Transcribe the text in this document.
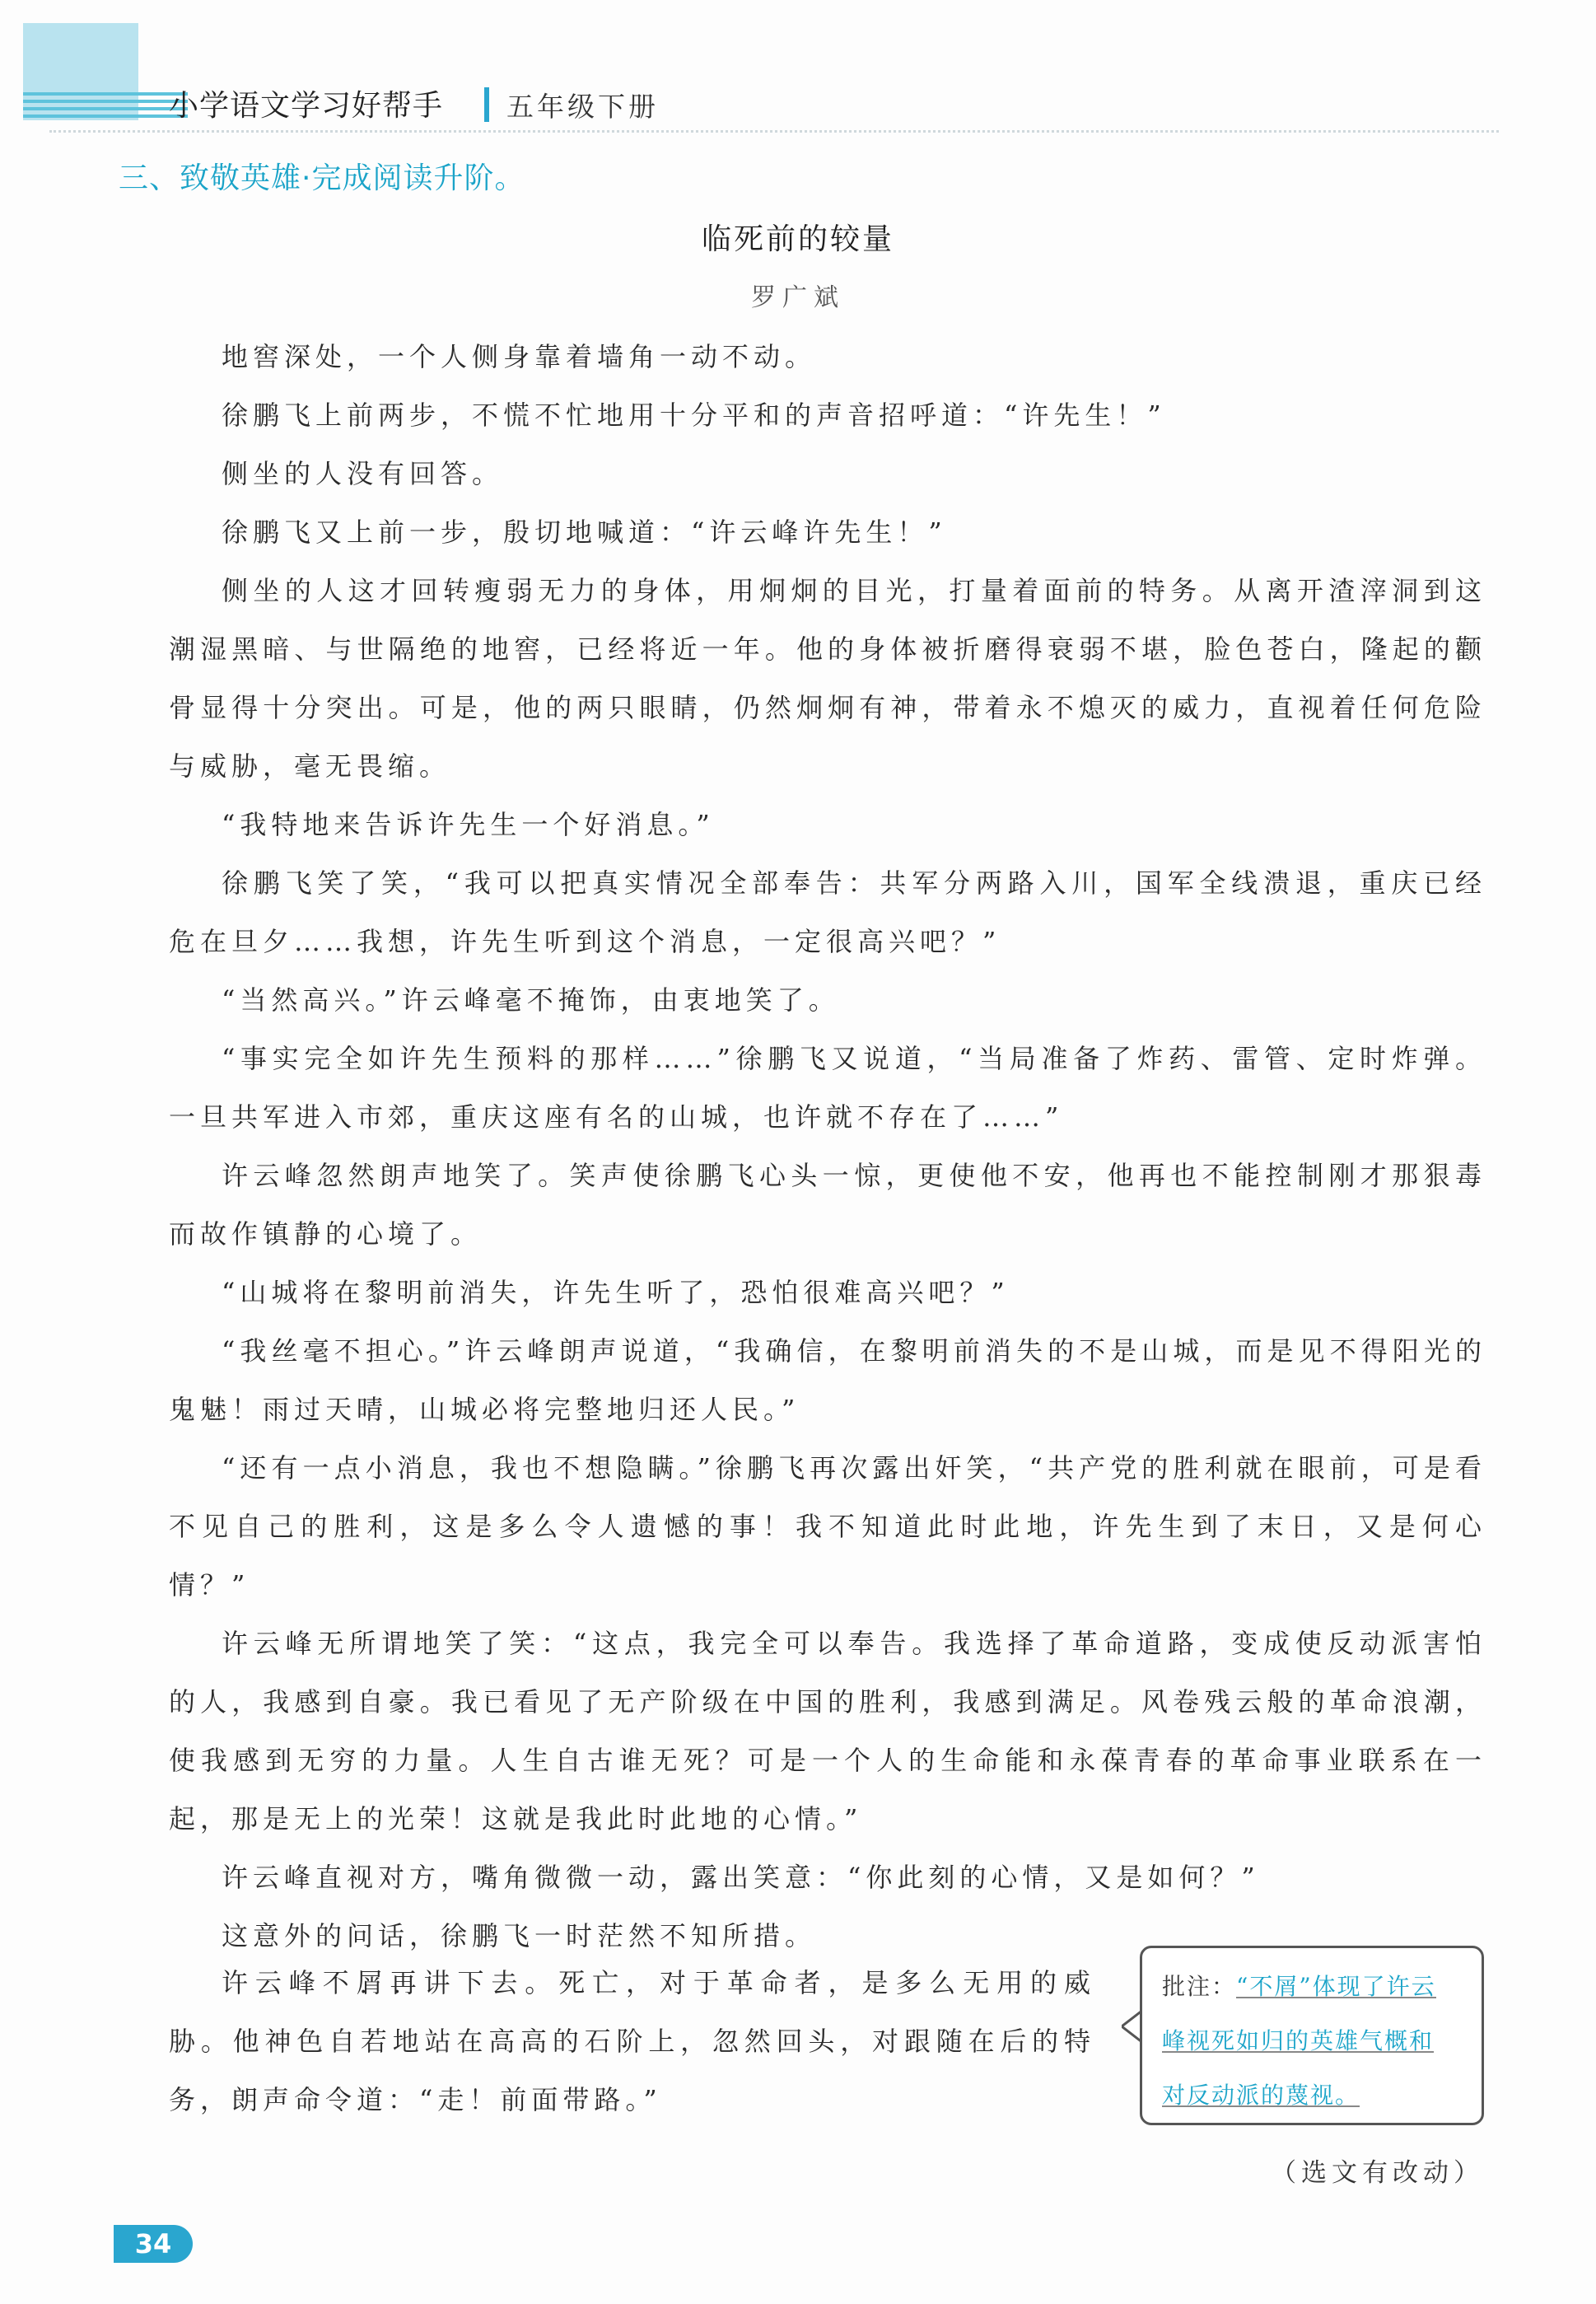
小学语文学习好帮手 五年级下册
三、致敬英雄·完成阅读升阶。
临死前的较量
罗广斌

地窖深处，一个人侧身靠着墙角一动不动。

徐鹏飞上前两步，不慌不忙地用十分平和的声音招呼道：“许先生！”

侧坐的人没有回答。

徐鹏飞又上前一步，殷切地喊道：“许云峰许先生！”

侧坐的人这才回转瘦弱无力的身体，用炯炯的目光，打量着面前的特务。从离开渣滓洞到这潮湿黑暗、与世隔绝的地窖，已经将近一年。他的身体被折磨得衰弱不堪，脸色苍白，隆起的颧骨显得十分突出。可是，他的两只眼睛，仍然炯炯有神，带着永不熄灭的威力，直视着任何危险与威胁，毫无畏缩。

“我特地来告诉许先生一个好消息。”

徐鹏飞笑了笑，“我可以把真实情况全部奉告：共军分两路入川，国军全线溃退，重庆已经危在旦夕……我想，许先生听到这个消息，一定很高兴吧？”

“当然高兴。”许云峰毫不掩饰，由衷地笑了。

“事实完全如许先生预料的那样……”徐鹏飞又说道，“当局准备了炸药、雷管、定时炸弹。一旦共军进入市郊，重庆这座有名的山城，也许就不存在了……”

许云峰忽然朗声地笑了。笑声使徐鹏飞心头一惊，更使他不安，他再也不能控制刚才那狠毒而故作镇静的心境了。

“山城将在黎明前消失，许先生听了，恐怕很难高兴吧？”

“我丝毫不担心。”许云峰朗声说道，“我确信，在黎明前消失的不是山城，而是见不得阳光的鬼魅！雨过天晴，山城必将完整地归还人民。”

“还有一点小消息，我也不想隐瞒。”徐鹏飞再次露出奸笑，“共产党的胜利就在眼前，可是看不见自己的胜利，这是多么令人遗憾的事！我不知道此时此地，许先生到了末日，又是何心情？”

许云峰无所谓地笑了笑：“这点，我完全可以奉告。我选择了革命道路，变成使反动派害怕的人，我感到自豪。我已看见了无产阶级在中国的胜利，我感到满足。风卷残云般的革命浪潮，使我感到无穷的力量。人生自古谁无死？可是一个人的生命能和永葆青春的革命事业联系在一起，那是无上的光荣！这就是我此时此地的心情。”

许云峰直视对方，嘴角微微一动，露出笑意：“你此刻的心情，又是如何？”

这意外的问话，徐鹏飞一时茫然不知所措。

许云峰不屑再讲下去。死亡，对于革命者，是多么无用的威胁。他神色自若地站在高高的石阶上，忽然回头，对跟随在后的特务，朗声命令道：“走！前面带路。”

批注：“不屑”体现了许云
峰视死如归的英雄气概和
对反动派的蔑视。
（选文有改动）
34
